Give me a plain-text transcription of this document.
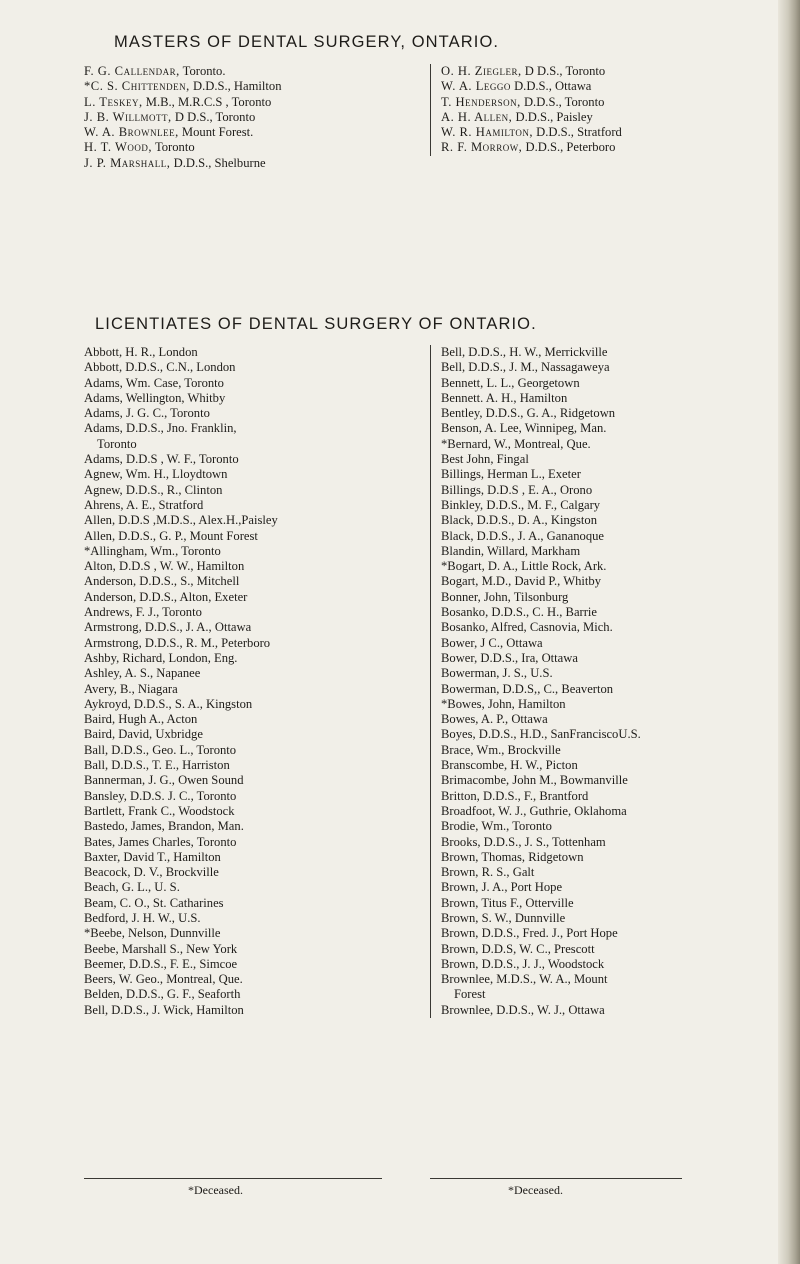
MASTERS OF DENTAL SURGERY, ONTARIO.
F. G. Callendar, Toronto.
*C. S. Chittenden, D.D.S., Hamilton
L. Teskey, M.B., M.R.C.S , Toronto
J. B. Willmott, D D.S., Toronto
W. A. Brownlee, Mount Forest.
H. T. Wood, Toronto
J. P. Marshall, D.D.S., Shelburne
O. H. Ziegler, D D.S., Toronto
W. A. Leggo D.D.S., Ottawa
T. Henderson, D.D.S., Toronto
A. H. Allen, D.D.S., Paisley
W. R. Hamilton, D.D.S., Stratford
R. F. Morrow, D.D.S., Peterboro
LICENTIATES OF DENTAL SURGERY OF ONTARIO.
Abbott, H. R., London
Abbott, D.D.S., C.N., London
Adams, Wm. Case, Toronto
Adams, Wellington, Whitby
Adams, J. G. C., Toronto
Adams, D.D.S., Jno. Franklin,
Toronto
Adams, D.D.S , W. F., Toronto
Agnew, Wm. H., Lloydtown
Agnew, D.D.S., R., Clinton
Ahrens, A. E., Stratford
Allen, D.D.S ,M.D.S., Alex.H.,Paisley
Allen, D.D.S., G. P., Mount Forest
*Allingham, Wm., Toronto
Alton, D.D.S , W. W., Hamilton
Anderson, D.D.S., S., Mitchell
Anderson, D.D.S., Alton, Exeter
Andrews, F. J., Toronto
Armstrong, D.D.S., J. A., Ottawa
Armstrong, D.D.S., R. M., Peterboro
Ashby, Richard, London, Eng.
Ashley, A. S., Napanee
Avery, B., Niagara
Aykroyd, D.D.S., S. A., Kingston
Baird, Hugh A., Acton
Baird, David, Uxbridge
Ball, D.D.S., Geo. L., Toronto
Ball, D.D.S., T. E., Harriston
Bannerman, J. G., Owen Sound
Bansley, D.D.S. J. C., Toronto
Bartlett, Frank C., Woodstock
Bastedo, James, Brandon, Man.
Bates, James Charles, Toronto
Baxter, David T., Hamilton
Beacock, D. V., Brockville
Beach, G. L., U. S.
Beam, C. O., St. Catharines
Bedford, J. H. W., U.S.
*Beebe, Nelson, Dunnville
Beebe, Marshall S., New York
Beemer, D.D.S., F. E., Simcoe
Beers, W. Geo., Montreal, Que.
Belden, D.D.S., G. F., Seaforth
Bell, D.D.S., J. Wick, Hamilton
Bell, D.D.S., H. W., Merrickville
Bell, D.D.S., J. M., Nassagaweya
Bennett, L. L., Georgetown
Bennett. A. H., Hamilton
Bentley, D.D.S., G. A., Ridgetown
Benson, A. Lee, Winnipeg, Man.
*Bernard, W., Montreal, Que.
Best John, Fingal
Billings, Herman L., Exeter
Billings, D.D.S , E. A., Orono
Binkley, D.D.S., M. F., Calgary
Black, D.D.S., D. A., Kingston
Black, D.D.S., J. A., Gananoque
Blandin, Willard, Markham
*Bogart, D. A., Little Rock, Ark.
Bogart, M.D., David P., Whitby
Bonner, John, Tilsonburg
Bosanko, D.D.S., C. H., Barrie
Bosanko, Alfred, Casnovia, Mich.
Bower, J C., Ottawa
Bower, D.D.S., Ira, Ottawa
Bowerman, J. S., U.S.
Bowerman, D.D.S,, C., Beaverton
*Bowes, John, Hamilton
Bowes, A. P., Ottawa
Boyes, D.D.S., H.D., SanFranciscoU.S.
Brace, Wm., Brockville
Branscombe, H. W., Picton
Brimacombe, John M., Bowmanville
Britton, D.D.S., F., Brantford
Broadfoot, W. J., Guthrie, Oklahoma
Brodie, Wm., Toronto
Brooks, D.D.S., J. S., Tottenham
Brown, Thomas, Ridgetown
Brown, R. S., Galt
Brown, J. A., Port Hope
Brown, Titus F., Otterville
Brown, S. W., Dunnville
Brown, D.D.S., Fred. J., Port Hope
Brown, D.D.S, W. C., Prescott
Brown, D.D.S., J. J., Woodstock
Brownlee, M.D.S., W. A., Mount
Forest
Brownlee, D.D.S., W. J., Ottawa
*Deceased.	*Deceased.
